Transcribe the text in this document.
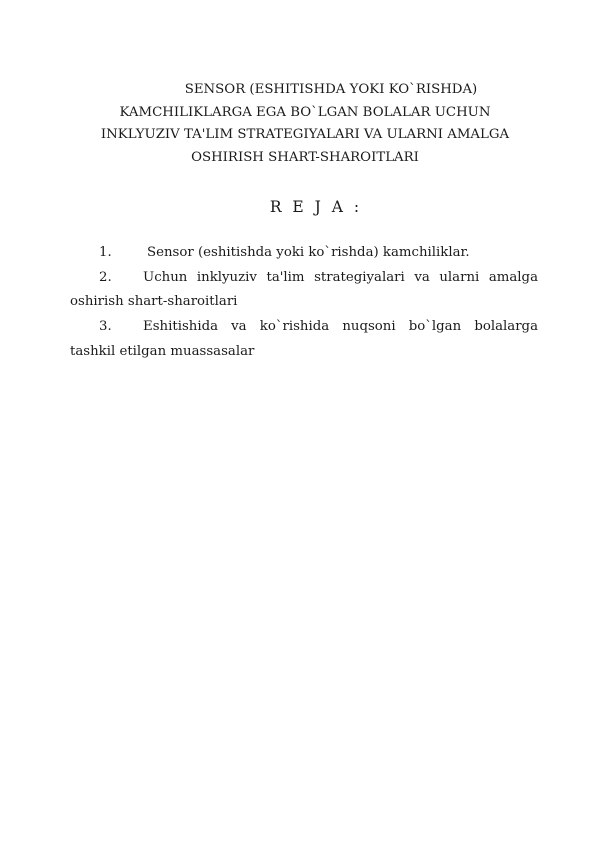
SENSOR (ESHITISHDA YOKI KO`RISHDA)
KAMCHILIKLARGA EGA BO`LGAN BOLALAR UCHUN
INKLYUZIV TA'LIM STRATEGIYALARI VA ULARNI AMALGA
OSHIRISH SHART-SHAROITLARI
R E J A :
1.	Sensor (eshitishda yoki ko`rishda) kamchiliklar.
2. Uchun inklyuziv ta'lim strategiyalari va ularni amalga
oshirish shart-sharoitlari
3. Eshitishida va ko`rishida nuqsoni bo`lgan bolalarga
tashkil etilgan muassasalar
